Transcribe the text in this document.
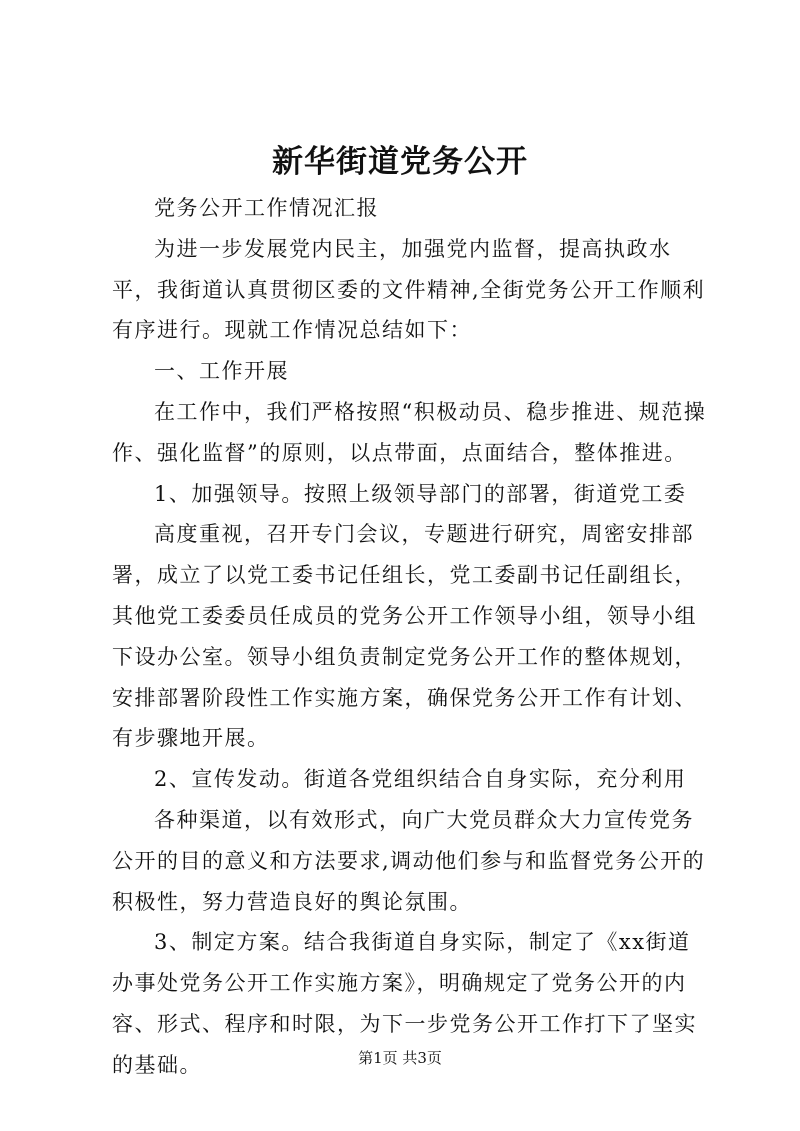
新华街道党务公开

党务公开工作情况汇报

为进一步发展党内民主，加强党内监督，提高执政水平，我街道认真贯彻区委的文件精神,全街党务公开工作顺利有序进行。现就工作情况总结如下：

一、工作开展

在工作中，我们严格按照“积极动员、稳步推进、规范操作、强化监督”的原则，以点带面，点面结合，整体推进。

1、加强领导。按照上级领导部门的部署，街道党工委

高度重视，召开专门会议，专题进行研究，周密安排部署，成立了以党工委书记任组长，党工委副书记任副组长，其他党工委委员任成员的党务公开工作领导小组，领导小组下设办公室。领导小组负责制定党务公开工作的整体规划，安排部署阶段性工作实施方案，确保党务公开工作有计划、有步骤地开展。

2、宣传发动。街道各党组织结合自身实际，充分利用

各种渠道，以有效形式，向广大党员群众大力宣传党务公开的目的意义和方法要求,调动他们参与和监督党务公开的积极性，努力营造良好的舆论氛围。

3、制定方案。结合我街道自身实际，制定了《xx街道办事处党务公开工作实施方案》，明确规定了党务公开的内容、形式、程序和时限，为下一步党务公开工作打下了坚实的基础。	第1页 共3页
